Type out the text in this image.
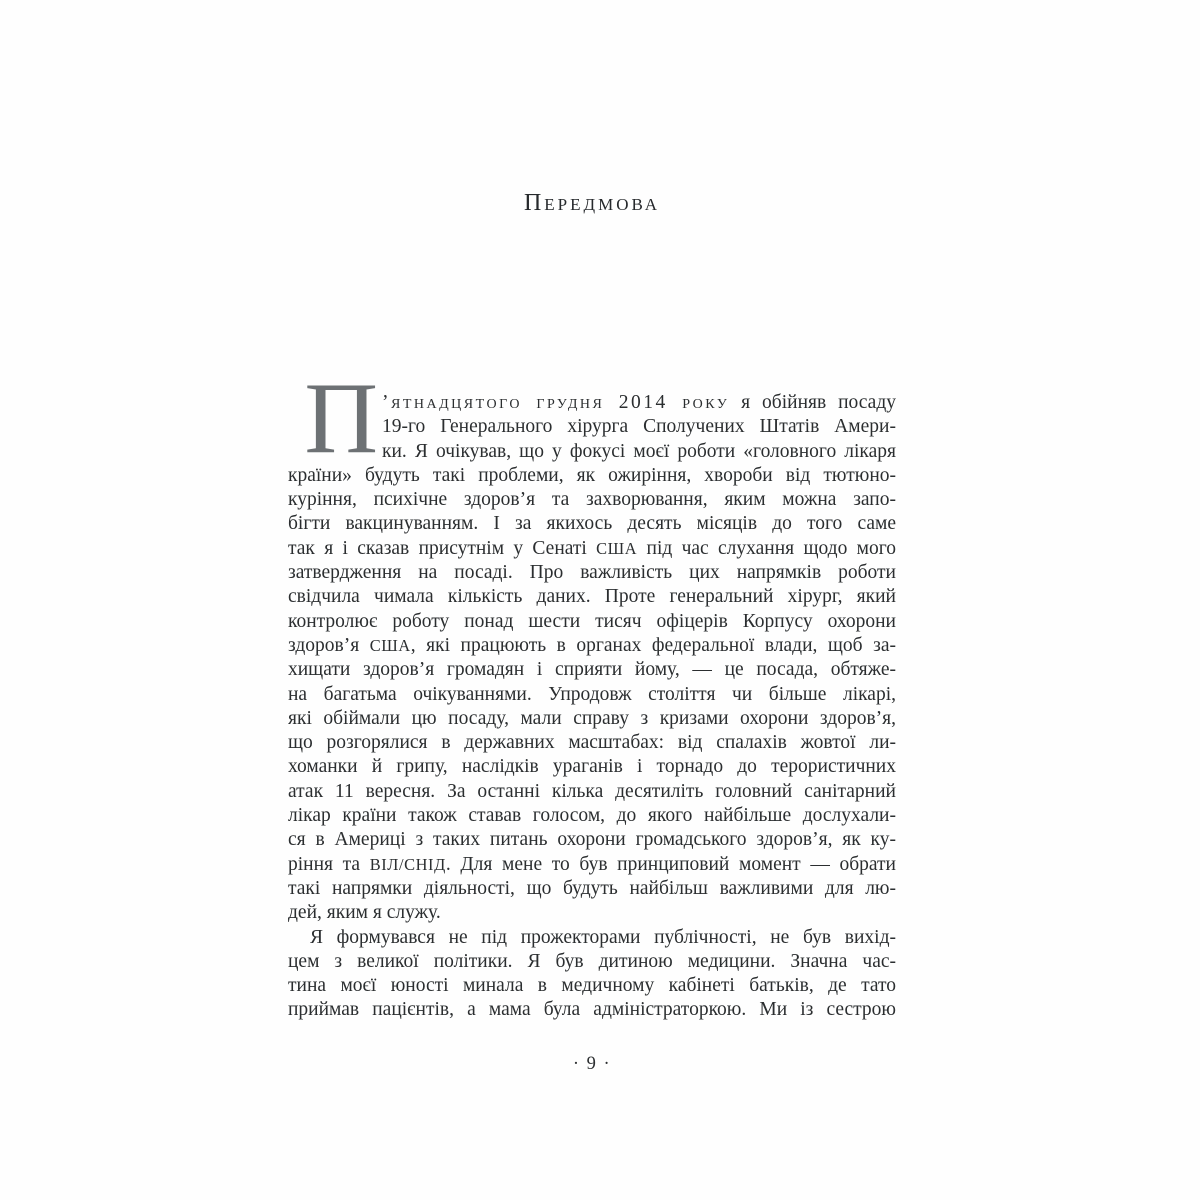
Передмова
П ’ятнадцятого грудня 2014 року я обійняв посаду
19-го Генерального хірурга Сполучених Штатів Амери-
ки. Я очікував, що у фокусі моєї роботи «головного лікаря
країни» будуть такі проблеми, як ожиріння, хвороби від тютюно-
куріння, психічне здоров’я та захворювання, яким можна запо-
бігти вакцинуванням. І за якихось десять місяців до того саме
так я і сказав присутнім у Сенаті США під час слухання щодо мого
затвердження на посаді. Про важливість цих напрямків роботи
свідчила чимала кількість даних. Проте генеральний хірург, який
контролює роботу понад шести тисяч офіцерів Корпусу охорони
здоров’я США, які працюють в органах федеральної влади, щоб за-
хищати здоров’я громадян і сприяти йому, — це посада, обтяже-
на багатьма очікуваннями. Упродовж століття чи більше лікарі,
які обіймали цю посаду, мали справу з кризами охорони здоров’я,
що розгорялися в державних масштабах: від спалахів жовтої ли-
хоманки й грипу, наслідків ураганів і торнадо до терористичних
атак 11 вересня. За останні кілька десятиліть головний санітарний
лікар країни також ставав голосом, до якого найбільше дослухали-
ся в Америці з таких питань охорони громадського здоров’я, як ку-
ріння та ВІЛ/СНІД. Для мене то був принциповий момент — обрати
такі напрямки діяльності, що будуть найбільш важливими для лю-
дей, яким я служу.
Я формувався не під прожекторами публічності, не був вихід-
цем з великої політики. Я був дитиною медицини. Значна час-
тина моєї юності минала в медичному кабінеті батьків, де тато
приймав пацієнтів, а мама була адміністраторкою. Ми із сестрою
· 9 ·
